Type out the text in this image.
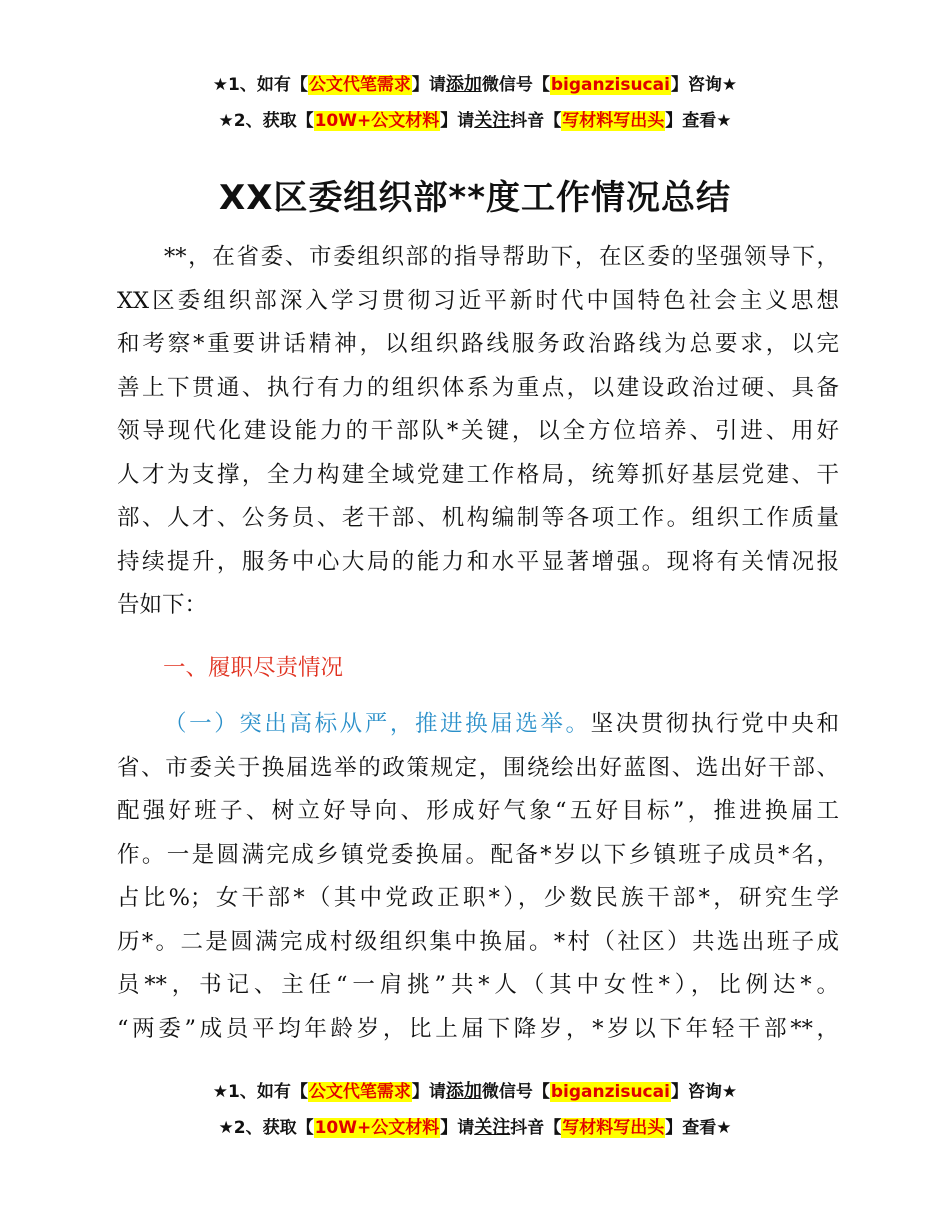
★1、如有【公文代笔需求】请添加微信号【biganzisucai】咨询★
★2、获取【10W+公文材料】请关注抖音【写材料写出头】查看★
XX区委组织部**度工作情况总结
**，在省委、市委组织部的指导帮助下，在区委的坚强领导下，
XX区委组织部深入学习贯彻习近平新时代中国特色社会主义思想
和考察*重要讲话精神，以组织路线服务政治路线为总要求，以完
善上下贯通、执行有力的组织体系为重点，以建设政治过硬、具备
领导现代化建设能力的干部队*关键，以全方位培养、引进、用好
人才为支撑，全力构建全域党建工作格局，统筹抓好基层党建、干
部、人才、公务员、老干部、机构编制等各项工作。组织工作质量
持续提升，服务中心大局的能力和水平显著增强。现将有关情况报
告如下：
一、履职尽责情况
（一）突出高标从严，推进换届选举。坚决贯彻执行党中央和
省、市委关于换届选举的政策规定，围绕绘出好蓝图、选出好干部、
配强好班子、树立好导向、形成好气象“五好目标”，推进换届工
作。一是圆满完成乡镇党委换届。配备*岁以下乡镇班子成员*名，
占比%；女干部*（其中党政正职*），少数民族干部*，研究生学
历*。二是圆满完成村级组织集中换届。*村（社区）共选出班子成
员**，书记、主任“一肩挑”共*人（其中女性*），比例达*。
“两委”成员平均年龄岁，比上届下降岁，*岁以下年轻干部**，
★1、如有【公文代笔需求】请添加微信号【biganzisucai】咨询★
★2、获取【10W+公文材料】请关注抖音【写材料写出头】查看★
